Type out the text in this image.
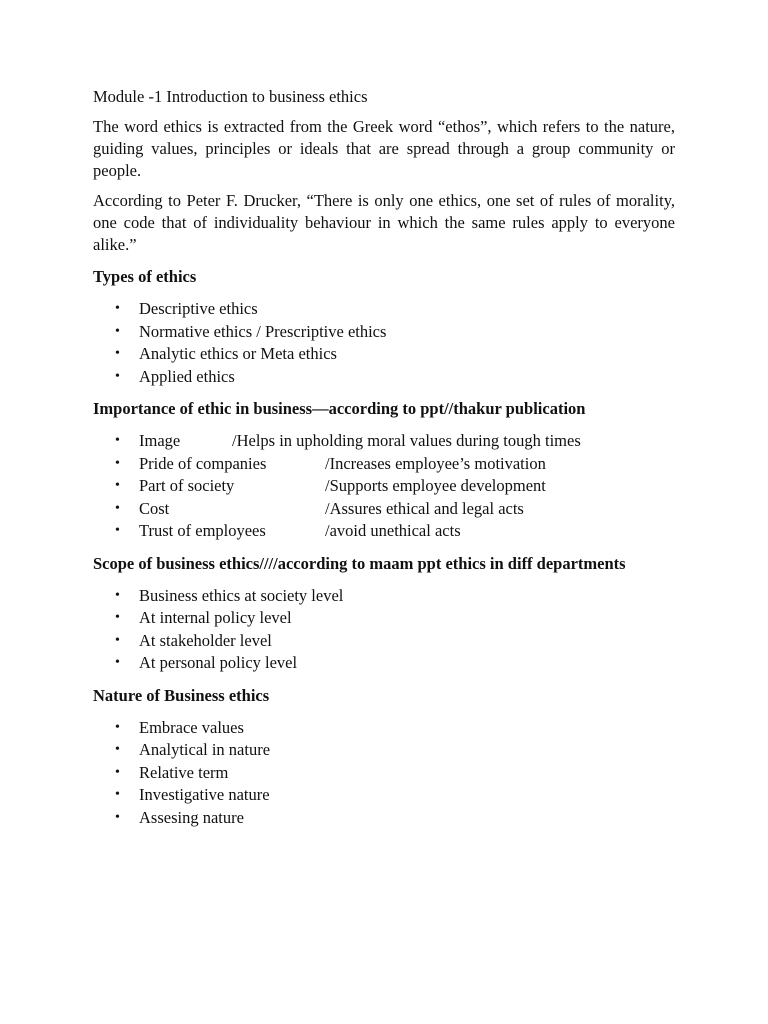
Module -1 Introduction to business ethics
The word ethics is extracted from the Greek word “ethos”, which refers to the nature, guiding values, principles or ideals that are spread through a group community or people.
According to Peter F. Drucker, “There is only one ethics, one set of rules of morality, one code that of individuality behaviour in which the same rules apply to everyone alike.”
Types of ethics
• Descriptive ethics
• Normative ethics / Prescriptive ethics
• Analytic ethics or Meta ethics
• Applied ethics
Importance of ethic in business—according to ppt//thakur publication
• Image	/Helps in upholding moral values during tough times
• Pride of companies	/Increases employee’s motivation
• Part of society	/Supports employee development
• Cost	/Assures ethical and legal acts
• Trust of employees	/avoid unethical acts
Scope of business ethics////according to maam ppt ethics in diff departments
• Business ethics at society level
• At internal policy level
• At stakeholder level
• At personal policy level
Nature of Business ethics
• Embrace values
• Analytical in nature
• Relative term
• Investigative nature
• Assesing nature
